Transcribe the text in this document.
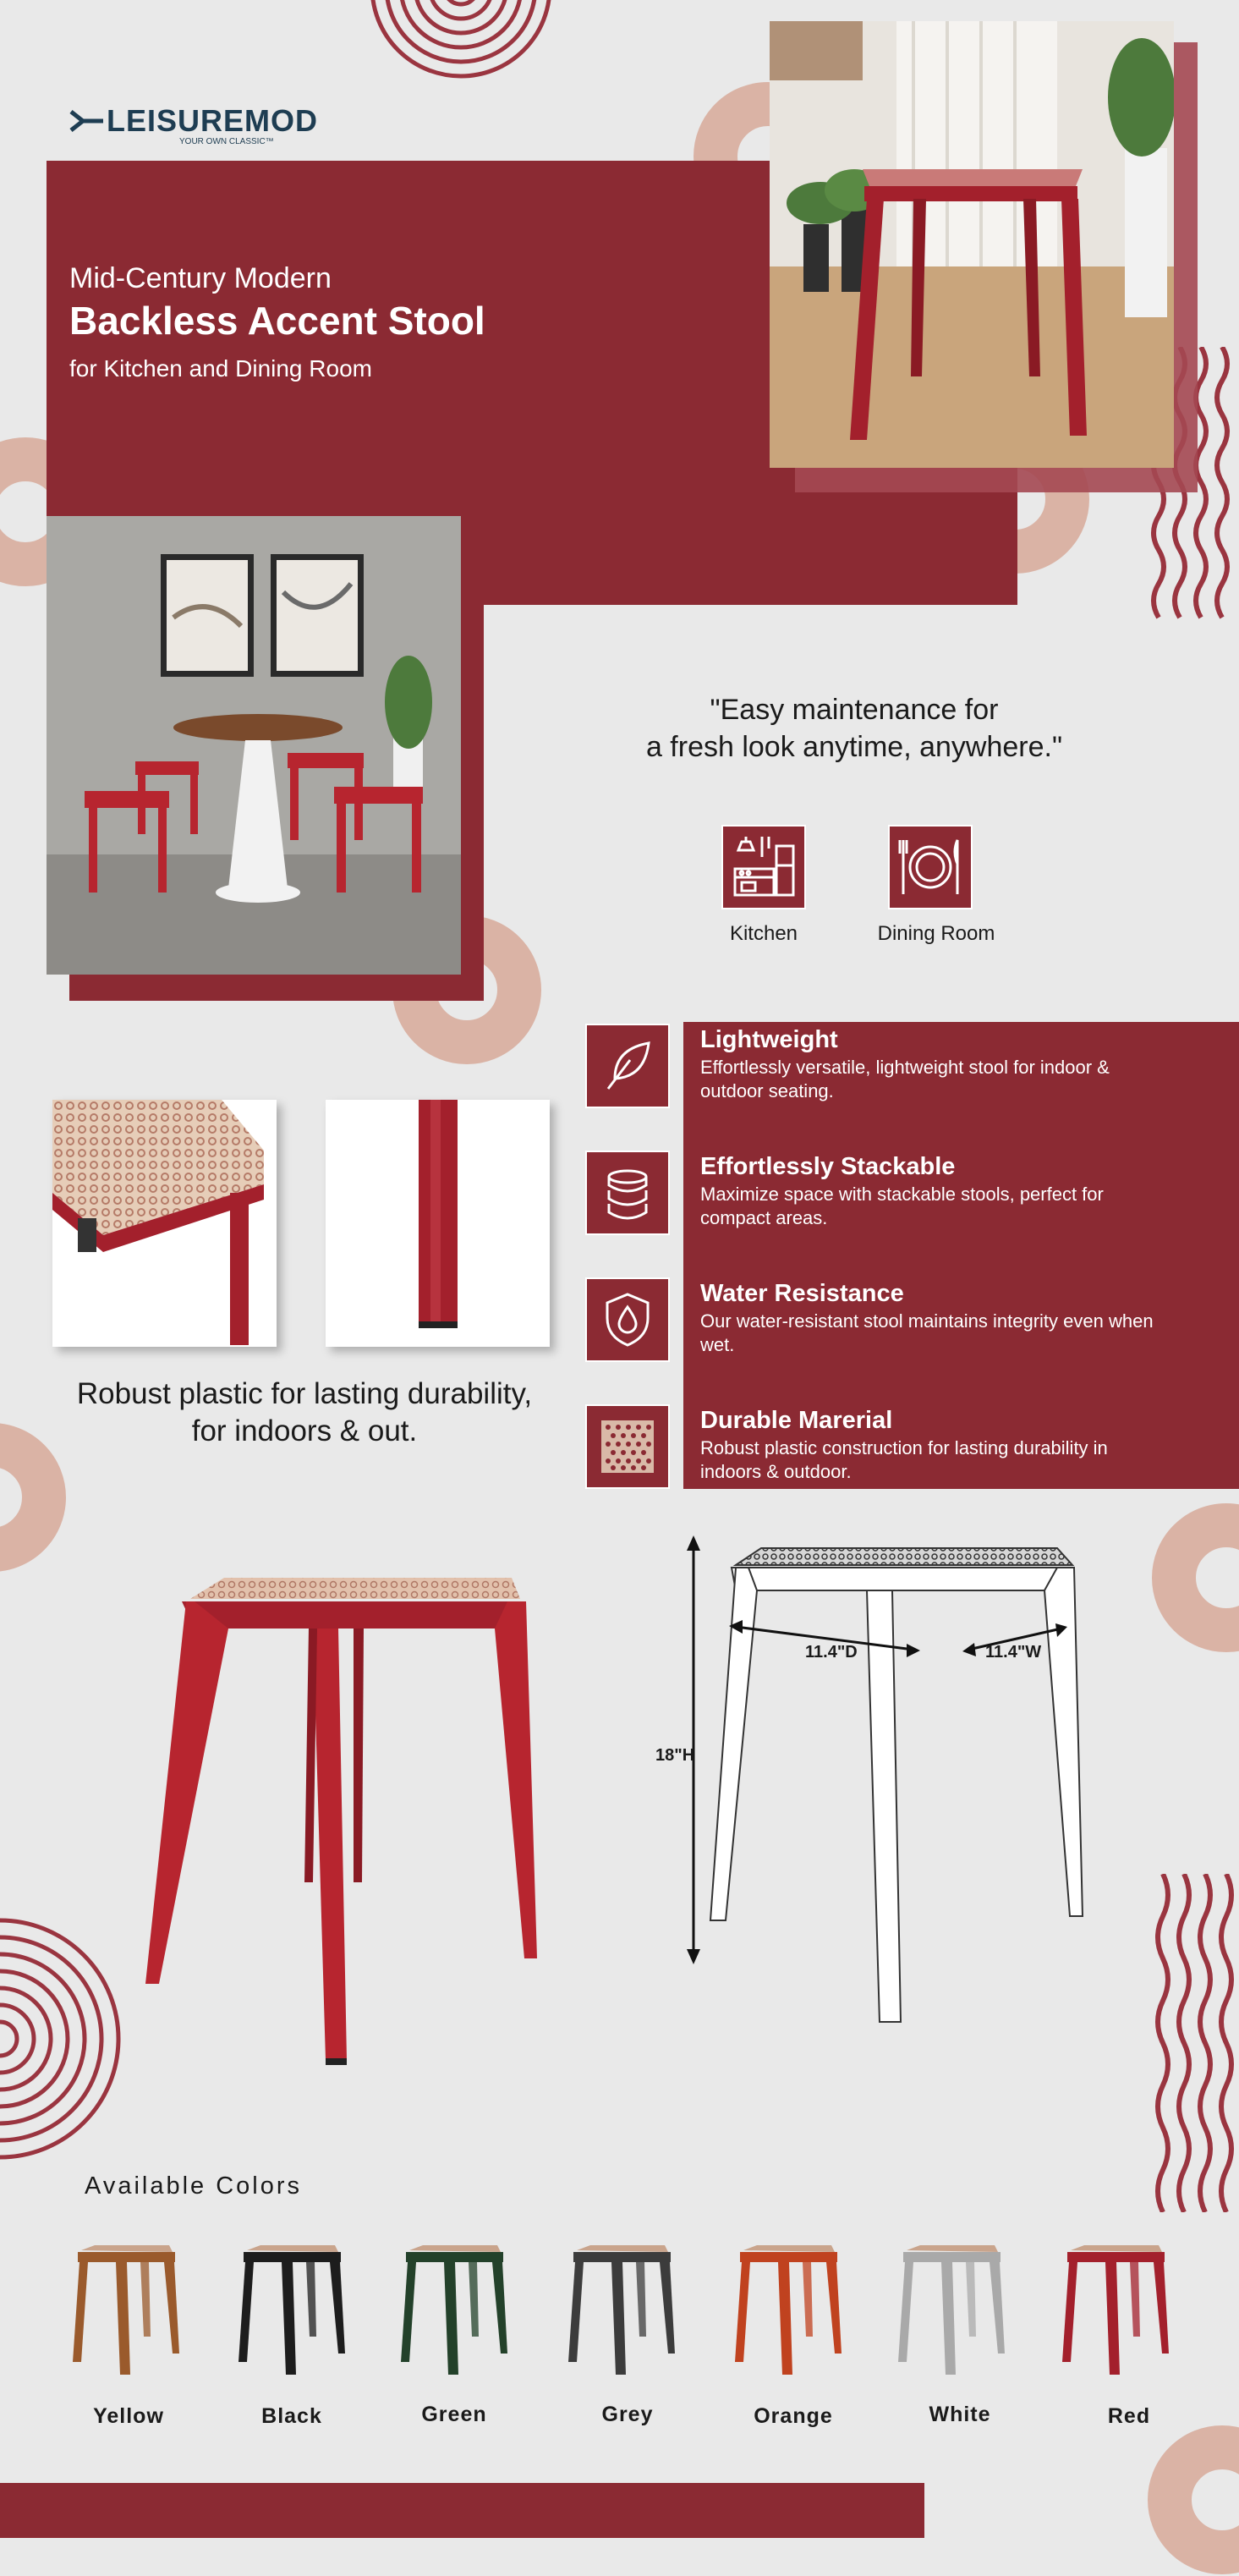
LEISUREMOD
YOUR OWN CLASSIC™
Mid-Century Modern
Backless Accent Stool
for Kitchen and Dining Room
"Easy maintenance for
a fresh look anytime, anywhere."
Kitchen	Dining Room
Lightweight
Effortlessly versatile, lightweight stool for indoor & outdoor seating.
Effortlessly Stackable
Maximize space with stackable stools, perfect for compact areas.
Water Resistance
Our water-resistant stool maintains integrity even when wet.
Durable Marerial
Robust plastic construction for lasting durability in indoors & outdoor.
Robust plastic for lasting durability,
for indoors & out.
11.4"D	11.4"W
18"H
Available Colors
Yellow	Black	Green	Grey	Orange	White	Red
